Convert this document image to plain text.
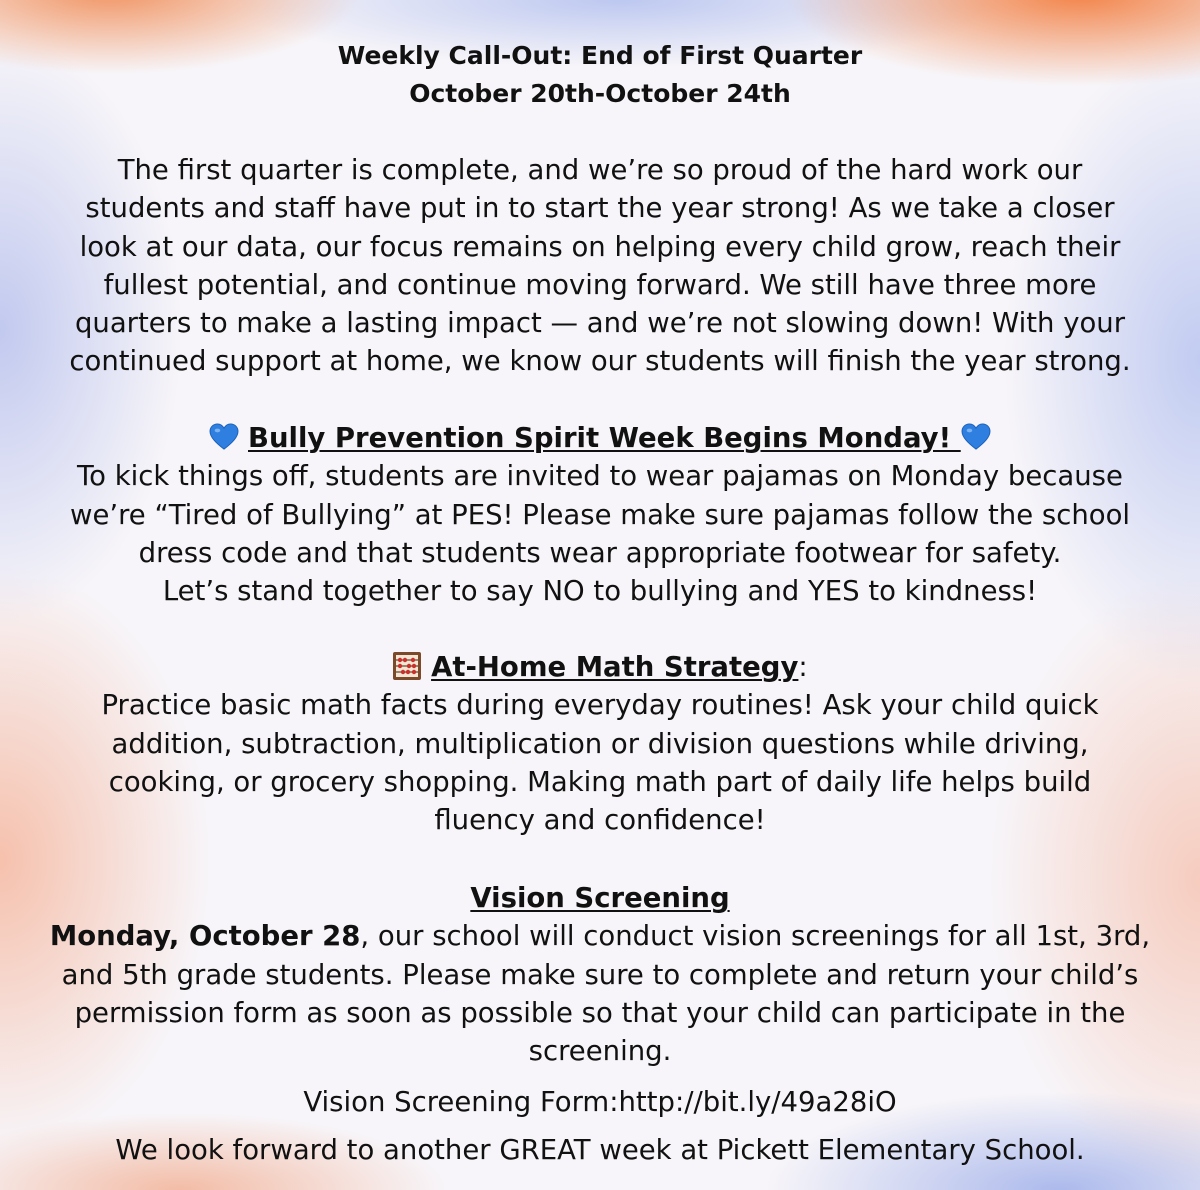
Weekly Call-Out: End of First Quarter

October 20th-October 24th

The first quarter is complete, and we’re so proud of the hard work our

students and staff have put in to start the year strong! As we take a closer

look at our data, our focus remains on helping every child grow, reach their

fullest potential, and continue moving forward. We still have three more

quarters to make a lasting impact — and we’re not slowing down! With your

continued support at home, we know our students will finish the year strong.

Bully Prevention Spirit Week Begins Monday!

To kick things off, students are invited to wear pajamas on Monday because

we’re “Tired of Bullying” at PES! Please make sure pajamas follow the school

dress code and that students wear appropriate footwear for safety.

Let’s stand together to say NO to bullying and YES to kindness!

At-Home Math Strategy:

Practice basic math facts during everyday routines! Ask your child quick

addition, subtraction, multiplication or division questions while driving,

cooking, or grocery shopping. Making math part of daily life helps build

fluency and confidence!

Vision Screening

Monday, October 28, our school will conduct vision screenings for all 1st, 3rd,

and 5th grade students. Please make sure to complete and return your child’s

permission form as soon as possible so that your child can participate in the

screening.

Vision Screening Form:http://bit.ly/49a28iO

We look forward to another GREAT week at Pickett Elementary School.
